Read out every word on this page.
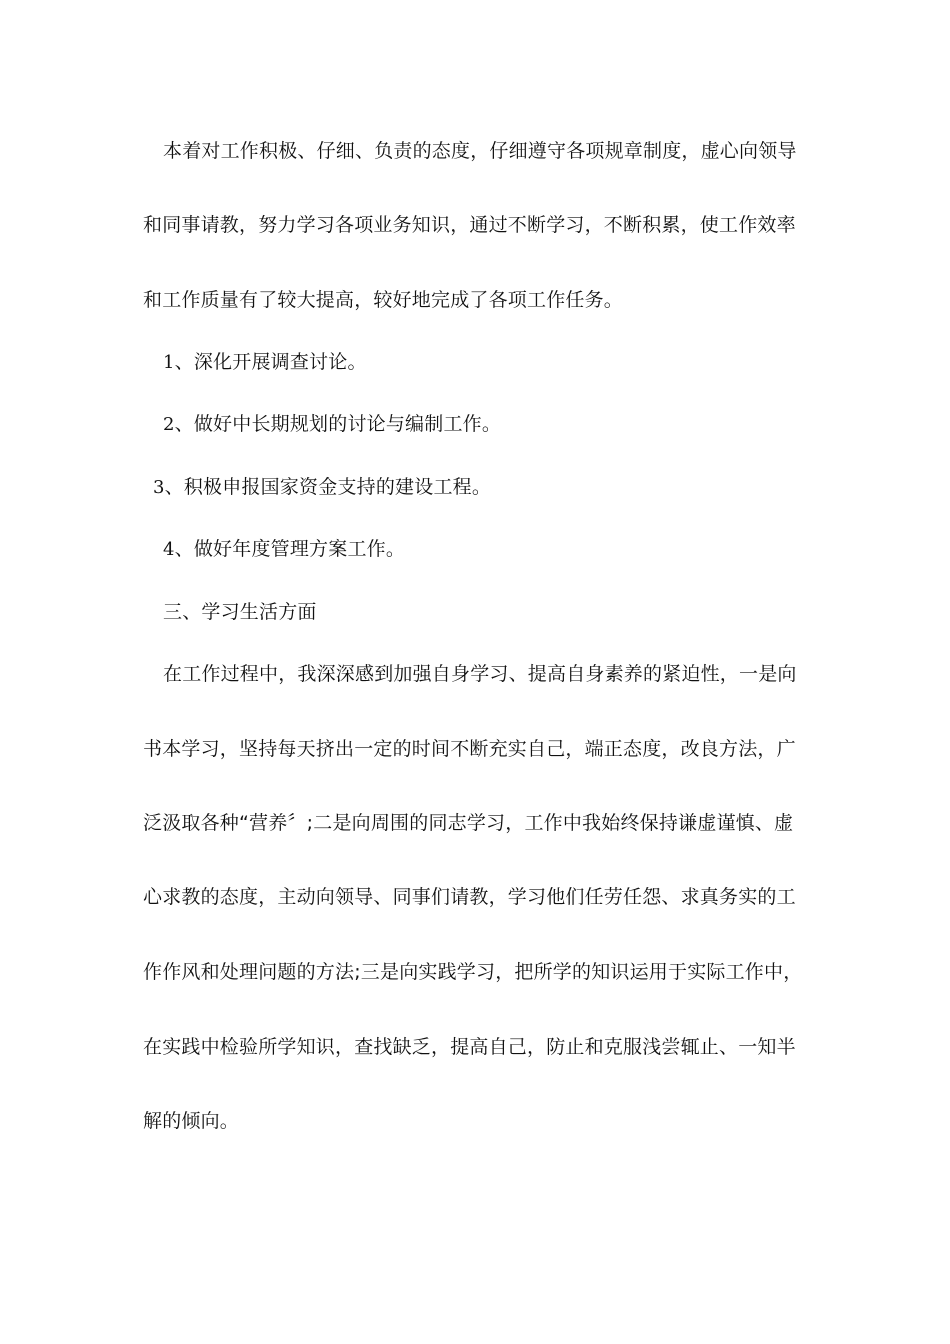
本着对工作积极、仔细、负责的态度，仔细遵守各项规章制度，虚心向领导
和同事请教，努力学习各项业务知识，通过不断学习，不断积累，使工作效率
和工作质量有了较大提高，较好地完成了各项工作任务。
1、深化开展调查讨论。
2、做好中长期规划的讨论与编制工作。
3、积极申报国家资金支持的建设工程。
4、做好年度管理方案工作。
三、学习生活方面
在工作过程中，我深深感到加强自身学习、提高自身素养的紧迫性，一是向
书本学习，坚持每天挤出一定的时间不断充实自己，端正态度，改良方法，广
泛汲取各种“营养〞;二是向周围的同志学习，工作中我始终保持谦虚谨慎、虚
心求教的态度，主动向领导、同事们请教，学习他们任劳任怨、求真务实的工
作作风和处理问题的方法;三是向实践学习，把所学的知识运用于实际工作中，
在实践中检验所学知识，查找缺乏，提高自己，防止和克服浅尝辄止、一知半
解的倾向。
